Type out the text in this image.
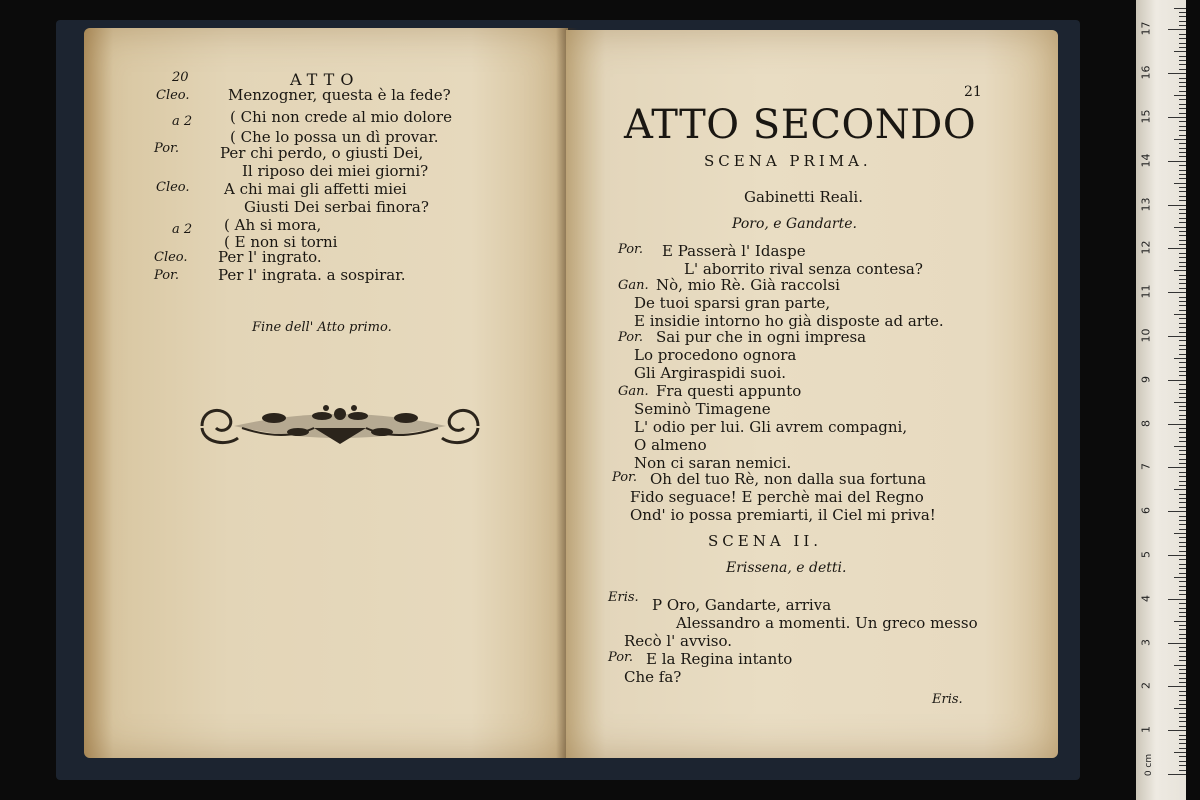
20	ATTO
Cleo.	Menzogner, questa è la fede?
a 2	( Chi non crede al mio dolore
( Che lo possa un dì provar.
Por.	Per chi perdo, o giusti Dei,
Il riposo dei miei giorni?
Cleo. A chi mai gli affetti miei
Giusti Dei serbai finora?
a 2 ( Ah si mora,
( E non si torni
Cleo. Per l' ingrato.
Por.	Per l' ingrata. a sospirar.
Fine dell' Atto primo.
21
ATTO SECONDO
SCENA PRIMA.
Gabinetti Reali.
Poro, e Gandarte.
Por. E Passerà l' Idaspe
L' aborrito rival senza contesa?
Gan. Nò, mio Rè. Già raccolsi
De tuoi sparsi gran parte,
E insidie intorno ho già disposte ad arte.
Por. Sai pur che in ogni impresa
Lo procedono ognora
Gli Argiraspidi suoi.
Gan. Fra questi appunto
Seminò Timagene
L' odio per lui. Gli avrem compagni,
O almeno
Non ci saran nemici.
Por. Oh del tuo Rè, non dalla sua fortuna
Fido seguace! E perchè mai del Regno
Ond' io possa premiarti, il Ciel mi priva!
SCENA II.
Erissena, e detti.
Eris. P Oro, Gandarte, arriva
Alessandro a momenti. Un greco messo
Recò l' avviso.
Por. E la Regina intanto
Che fa?
Eris.
0 cm
1
2
3
4
5
6
7
8
9
10
11
12
13
14
15
16
17
